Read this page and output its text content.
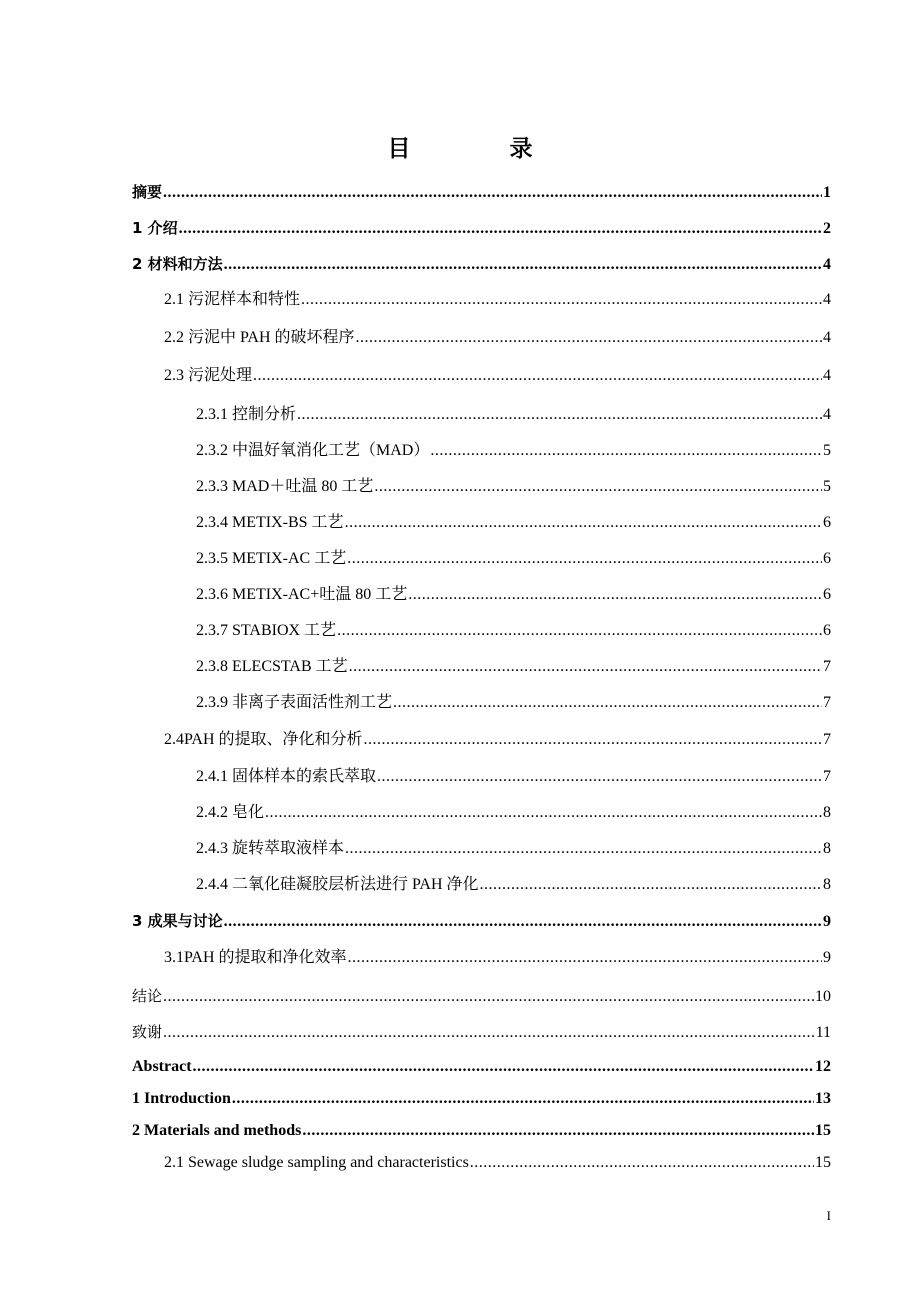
目　录
摘要 .....	1
1 介绍 .....	2
2 材料和方法 .....	4
2.1 污泥样本和特性 .....	4
2.2 污泥中 PAH 的破坏程序 .....	4
2.3 污泥处理 .....	4
2.3.1 控制分析 .....	4
2.3.2 中温好氧消化工艺（MAD） .....	5
2.3.3 MAD＋吐温 80 工艺 .....	5
2.3.4 METIX-BS 工艺 .....	6
2.3.5 METIX-AC 工艺 .....	6
2.3.6 METIX-AC+吐温 80 工艺 .....	6
2.3.7 STABIOX 工艺 .....	6
2.3.8 ELECSTAB 工艺 .....	7
2.3.9 非离子表面活性剂工艺 .....	7
2.4PAH 的提取、净化和分析 .....	7
2.4.1 固体样本的索氏萃取 .....	7
2.4.2 皂化 .....	8
2.4.3 旋转萃取液样本 .....	8
2.4.4 二氧化硅凝胶层析法进行 PAH 净化 .....	8
3 成果与讨论 .....	9
3.1PAH 的提取和净化效率 .....	9
结论 .....	10
致谢 .....	11
Abstract .....	12
1 Introduction .....	13
2 Materials and methods .....	15
2.1 Sewage sludge sampling and characteristics .....	15
I
